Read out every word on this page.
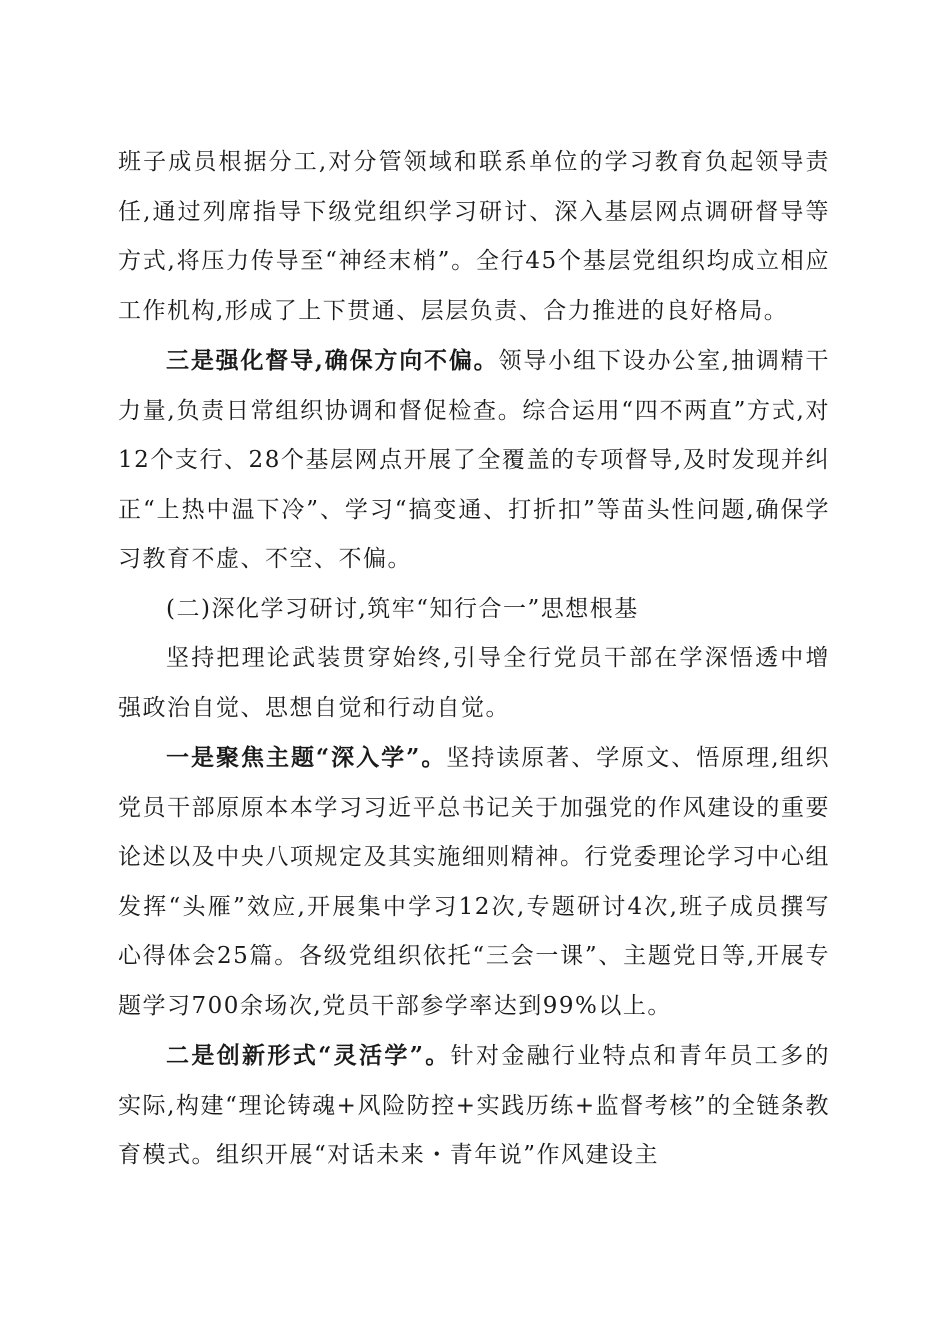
班子成员根据分工,对分管领域和联系单位的学习教育负起领导责任,通过列席指导下级党组织学习研讨、深入基层网点调研督导等方式,将压力传导至“神经末梢”。全行45个基层党组织均成立相应工作机构,形成了上下贯通、层层负责、合力推进的良好格局。

三是强化督导,确保方向不偏。领导小组下设办公室,抽调精干力量,负责日常组织协调和督促检查。综合运用“四不两直”方式,对12个支行、28个基层网点开展了全覆盖的专项督导,及时发现并纠正“上热中温下冷”、学习“搞变通、打折扣”等苗头性问题,确保学习教育不虚、不空、不偏。

(二)深化学习研讨,筑牢“知行合一”思想根基

坚持把理论武装贯穿始终,引导全行党员干部在学深悟透中增强政治自觉、思想自觉和行动自觉。

一是聚焦主题“深入学”。坚持读原著、学原文、悟原理,组织党员干部原原本本学习习近平总书记关于加强党的作风建设的重要论述以及中央八项规定及其实施细则精神。行党委理论学习中心组发挥“头雁”效应,开展集中学习12次,专题研讨4次,班子成员撰写心得体会25篇。各级党组织依托“三会一课”、主题党日等,开展专题学习700余场次,党员干部参学率达到99%以上。

二是创新形式“灵活学”。针对金融行业特点和青年员工多的实际,构建“理论铸魂+风险防控+实践历练+监督考核”的全链条教育模式。组织开展“对话未来・青年说”作风建设主
